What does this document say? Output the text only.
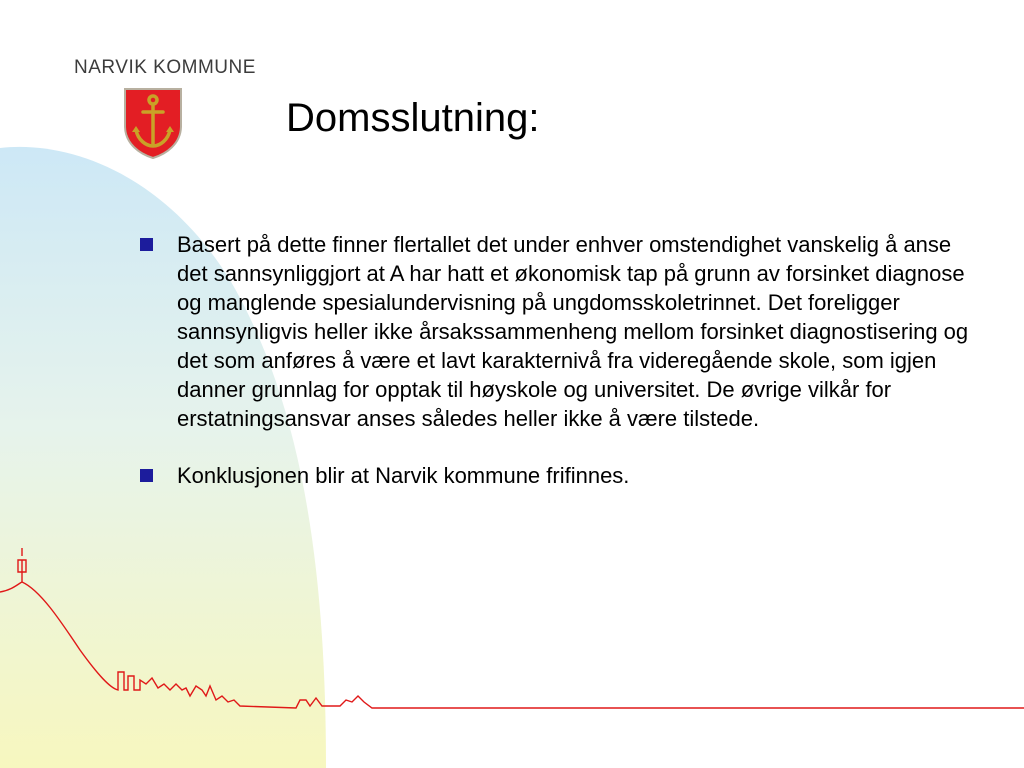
NARVIK KOMMUNE
Domsslutning:
Basert på dette finner flertallet det under enhver omstendighet vanskelig å anse det sannsynliggjort at A har hatt et økonomisk tap på grunn av forsinket diagnose og manglende spesialundervisning på ungdomsskoletrinnet. Det foreligger sannsynligvis heller ikke årsakssammenheng mellom forsinket diagnostisering og det som anføres å være et lavt karakternivå fra videregående skole, som igjen danner grunnlag for opptak til høyskole og universitet. De øvrige vilkår for erstatningsansvar anses således heller ikke å være tilstede.
Konklusjonen blir at Narvik kommune frifinnes.
